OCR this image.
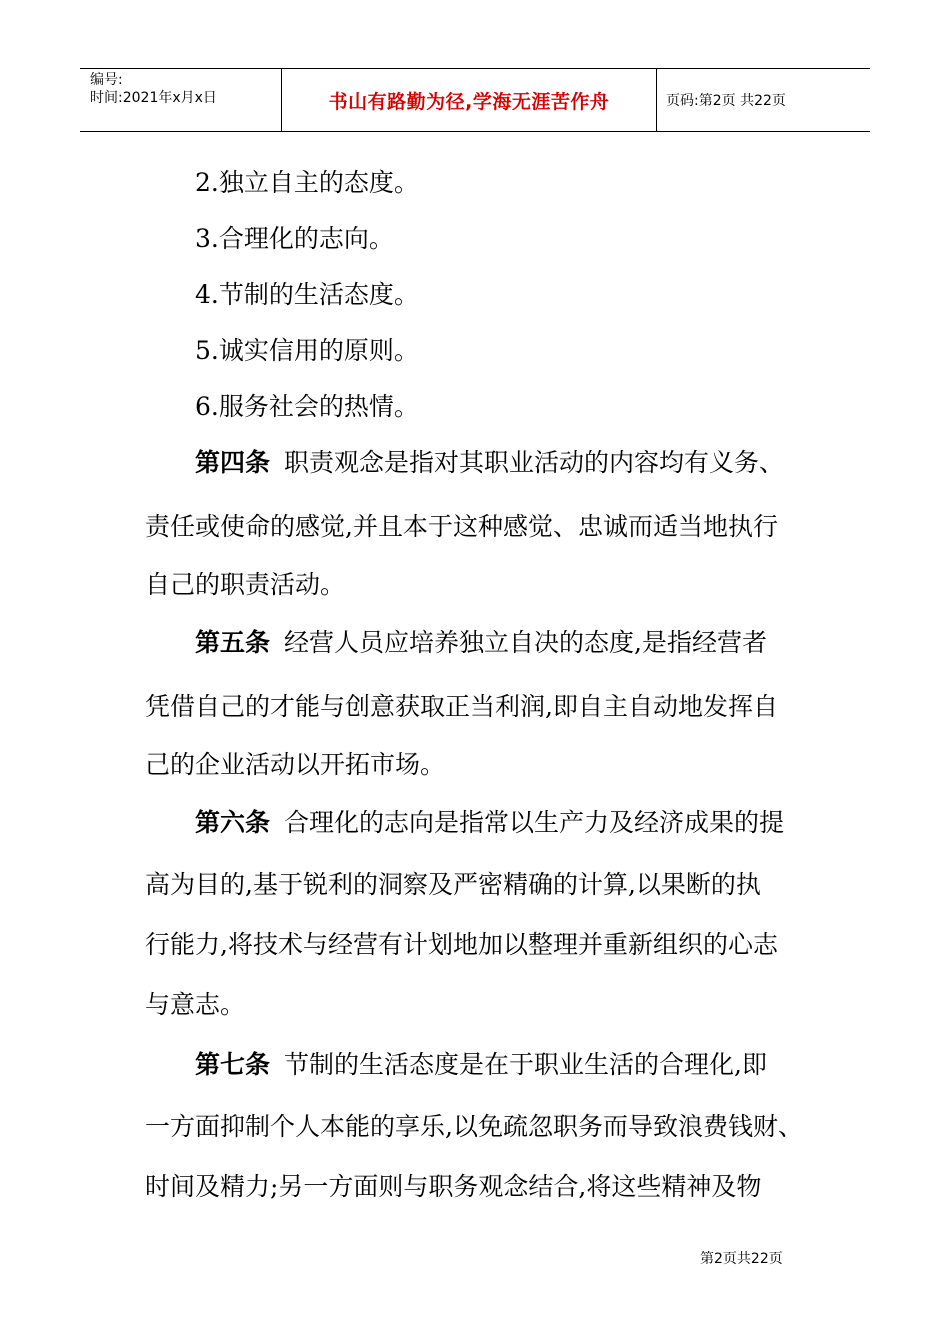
编号:
时间:2021年x月x日	书山有路勤为径,学海无涯苦作舟	页码:第2页 共22页
2.独立自主的态度。
3.合理化的志向。
4.节制的生活态度。
5.诚实信用的原则。
6.服务社会的热情。
第四条 职责观念是指对其职业活动的内容均有义务、
责任或使命的感觉,并且本于这种感觉、忠诚而适当地执行
自己的职责活动。
第五条 经营人员应培养独立自决的态度,是指经营者
凭借自己的才能与创意获取正当利润,即自主自动地发挥自
己的企业活动以开拓市场。
第六条 合理化的志向是指常以生产力及经济成果的提
高为目的,基于锐利的洞察及严密精确的计算,以果断的执
行能力,将技术与经营有计划地加以整理并重新组织的心志
与意志。
第七条 节制的生活态度是在于职业生活的合理化,即
一方面抑制个人本能的享乐,以免疏忽职务而导致浪费钱财、
时间及精力;另一方面则与职务观念结合,将这些精神及物
第2页共22页
